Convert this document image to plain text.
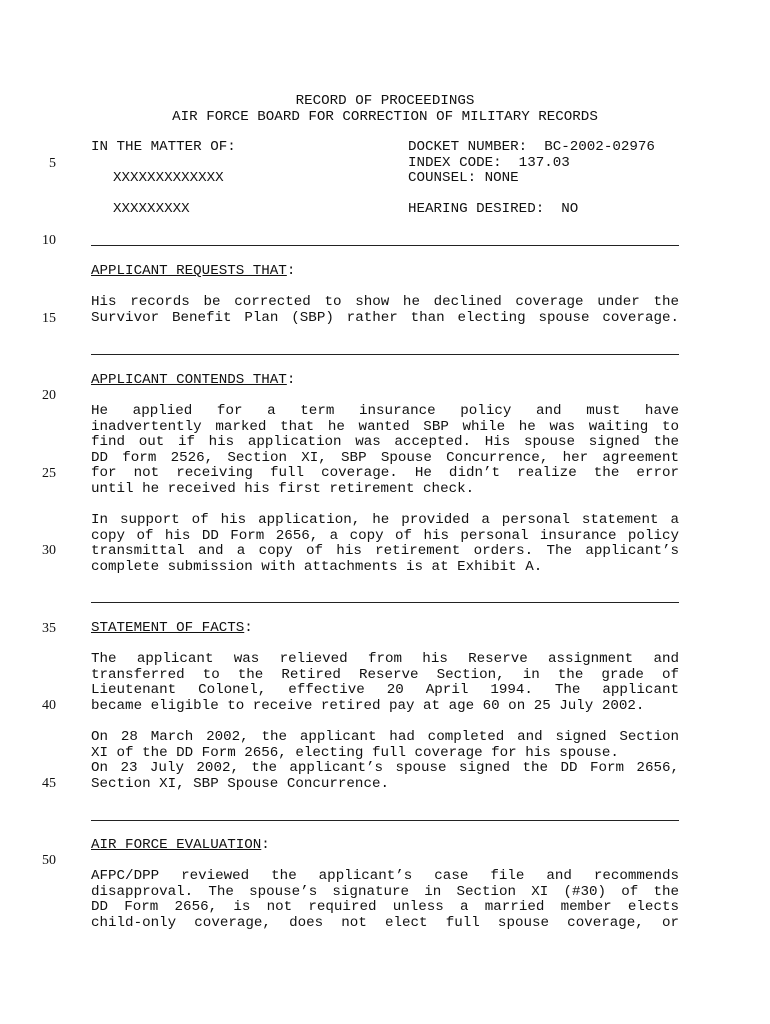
RECORD OF PROCEEDINGS
AIR FORCE BOARD FOR CORRECTION OF MILITARY RECORDS
5
10
15
20
25
30
35
40
45
50
IN THE MATTER OF:
XXXXXXXXXXXXX
XXXXXXXXX
DOCKET NUMBER:  BC-2002-02976
INDEX CODE:  137.03
COUNSEL: NONE
HEARING DESIRED:  NO
APPLICANT REQUESTS THAT:
His records be corrected to show he declined coverage under the
Survivor Benefit Plan (SBP) rather than electing spouse coverage.
APPLICANT CONTENDS THAT:
He applied for a term insurance policy and must have
inadvertently marked that he wanted SBP while he was waiting to
find out if his application was accepted. His spouse signed the
DD form 2526, Section XI, SBP Spouse Concurrence, her agreement
for not receiving full coverage. He didn’t realize the error
until he received his first retirement check.
In support of his application, he provided a personal statement a
copy of his DD Form 2656, a copy of his personal insurance policy
transmittal and a copy of his retirement orders. The applicant’s
complete submission with attachments is at Exhibit A.
STATEMENT OF FACTS:
The applicant was relieved from his Reserve assignment and
transferred to the Retired Reserve Section, in the grade of
Lieutenant Colonel, effective 20 April 1994. The applicant
became eligible to receive retired pay at age 60 on 25 July 2002.
On 28 March 2002, the applicant had completed and signed Section
XI of the DD Form 2656, electing full coverage for his spouse.
On 23 July 2002, the applicant’s spouse signed the DD Form 2656,
Section XI, SBP Spouse Concurrence.
AIR FORCE EVALUATION:
AFPC/DPP reviewed the applicant’s case file and recommends
disapproval. The spouse’s signature in Section XI (#30) of the
DD Form 2656, is not required unless a married member elects
child-only coverage, does not elect full spouse coverage, or
